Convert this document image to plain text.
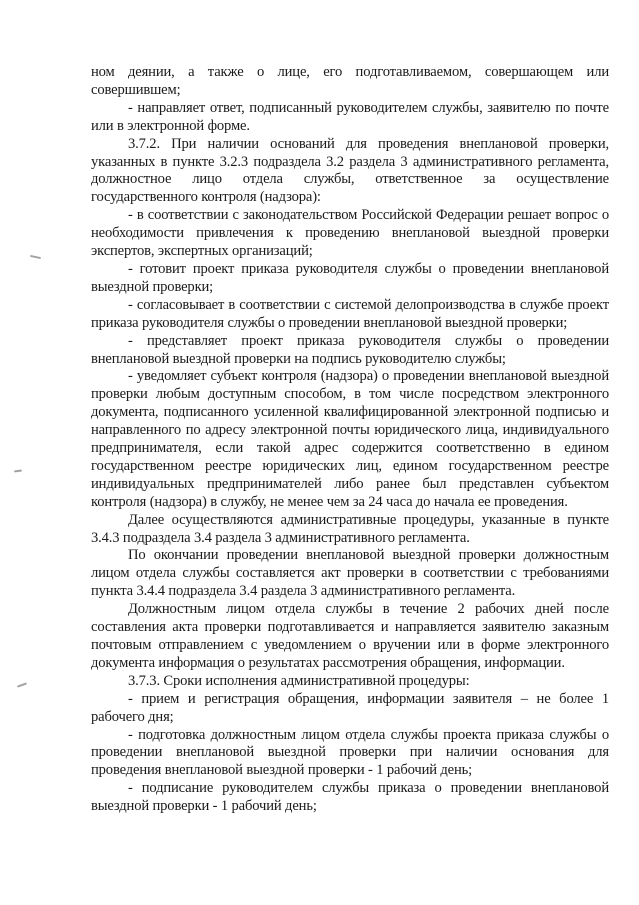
ном деянии, а также о лице, его подготавливаемом, совершающем или совершившем;

- направляет ответ, подписанный руководителем службы, заявителю по почте или в электронной форме.

3.7.2. При наличии оснований для проведения внеплановой проверки, указанных в пункте 3.2.3 подраздела 3.2 раздела 3 административного регламента, должностное лицо отдела службы, ответственное за осуществление государственного контроля (надзора):

- в соответствии с законодательством Российской Федерации решает вопрос о необходимости привлечения к проведению внеплановой выездной проверки экспертов, экспертных организаций;

- готовит проект приказа руководителя службы о проведении внеплановой выездной проверки;

- согласовывает в соответствии с системой делопроизводства в службе проект приказа руководителя службы о проведении внеплановой выездной проверки;

- представляет проект приказа руководителя службы о проведении внеплановой выездной проверки на подпись руководителю службы;

- уведомляет субъект контроля (надзора) о проведении внеплановой выездной проверки любым доступным способом, в том числе посредством электронного документа, подписанного усиленной квалифицированной электронной подписью и направленного по адресу электронной почты юридического лица, индивидуального предпринимателя, если такой адрес содержится соответственно в едином государственном реестре юридических лиц, едином государственном реестре индивидуальных предпринимателей либо ранее был представлен субъектом контроля (надзора) в службу, не менее чем за 24 часа до начала ее проведения.

Далее осуществляются административные процедуры, указанные в пункте 3.4.3 подраздела 3.4 раздела 3 административного регламента.

По окончании проведении внеплановой выездной проверки должностным лицом отдела службы составляется акт проверки в соответствии с требованиями пункта 3.4.4 подраздела 3.4 раздела 3 административного регламента.

Должностным лицом отдела службы в течение 2 рабочих дней после составления акта проверки подготавливается и направляется заявителю заказным почтовым отправлением с уведомлением о вручении или в форме электронного документа информация о результатах рассмотрения обращения, информации.

3.7.3. Сроки исполнения административной процедуры:

- прием и регистрация обращения, информации заявителя – не более 1 рабочего дня;

- подготовка должностным лицом отдела службы проекта приказа службы о проведении внеплановой выездной проверки при наличии основания для проведения внеплановой выездной проверки - 1 рабочий день;

- подписание руководителем службы приказа о проведении внеплановой выездной проверки - 1 рабочий день;
